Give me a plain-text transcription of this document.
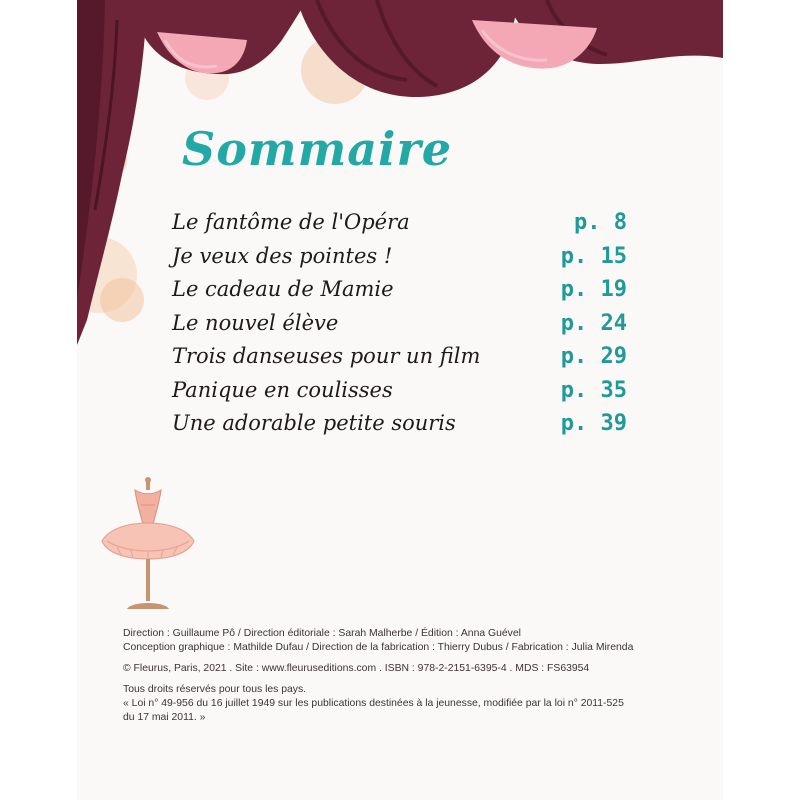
Sommaire
Le fantôme de l'Opéra	p. 8
Je veux des pointes !	p. 15
Le cadeau de Mamie	p. 19
Le nouvel élève	p. 24
Trois danseuses pour un film	p. 29
Panique en coulisses	p. 35
Une adorable petite souris	p. 39

Direction : Guillaume Pô / Direction éditoriale : Sarah Malherbe / Édition : Anna Guével

Conception graphique : Mathilde Dufau / Direction de la fabrication : Thierry Dubus / Fabrication : Julia Mirenda

© Fleurus, Paris, 2021 . Site : www.fleuruseditions.com . ISBN : 978-2-2151-6395-4 . MDS : FS63954

Tous droits réservés pour tous les pays.

« Loi n° 49-956 du 16 juillet 1949 sur les publications destinées à la jeunesse, modifiée par la loi n° 2011-525

du 17 mai 2011. »
